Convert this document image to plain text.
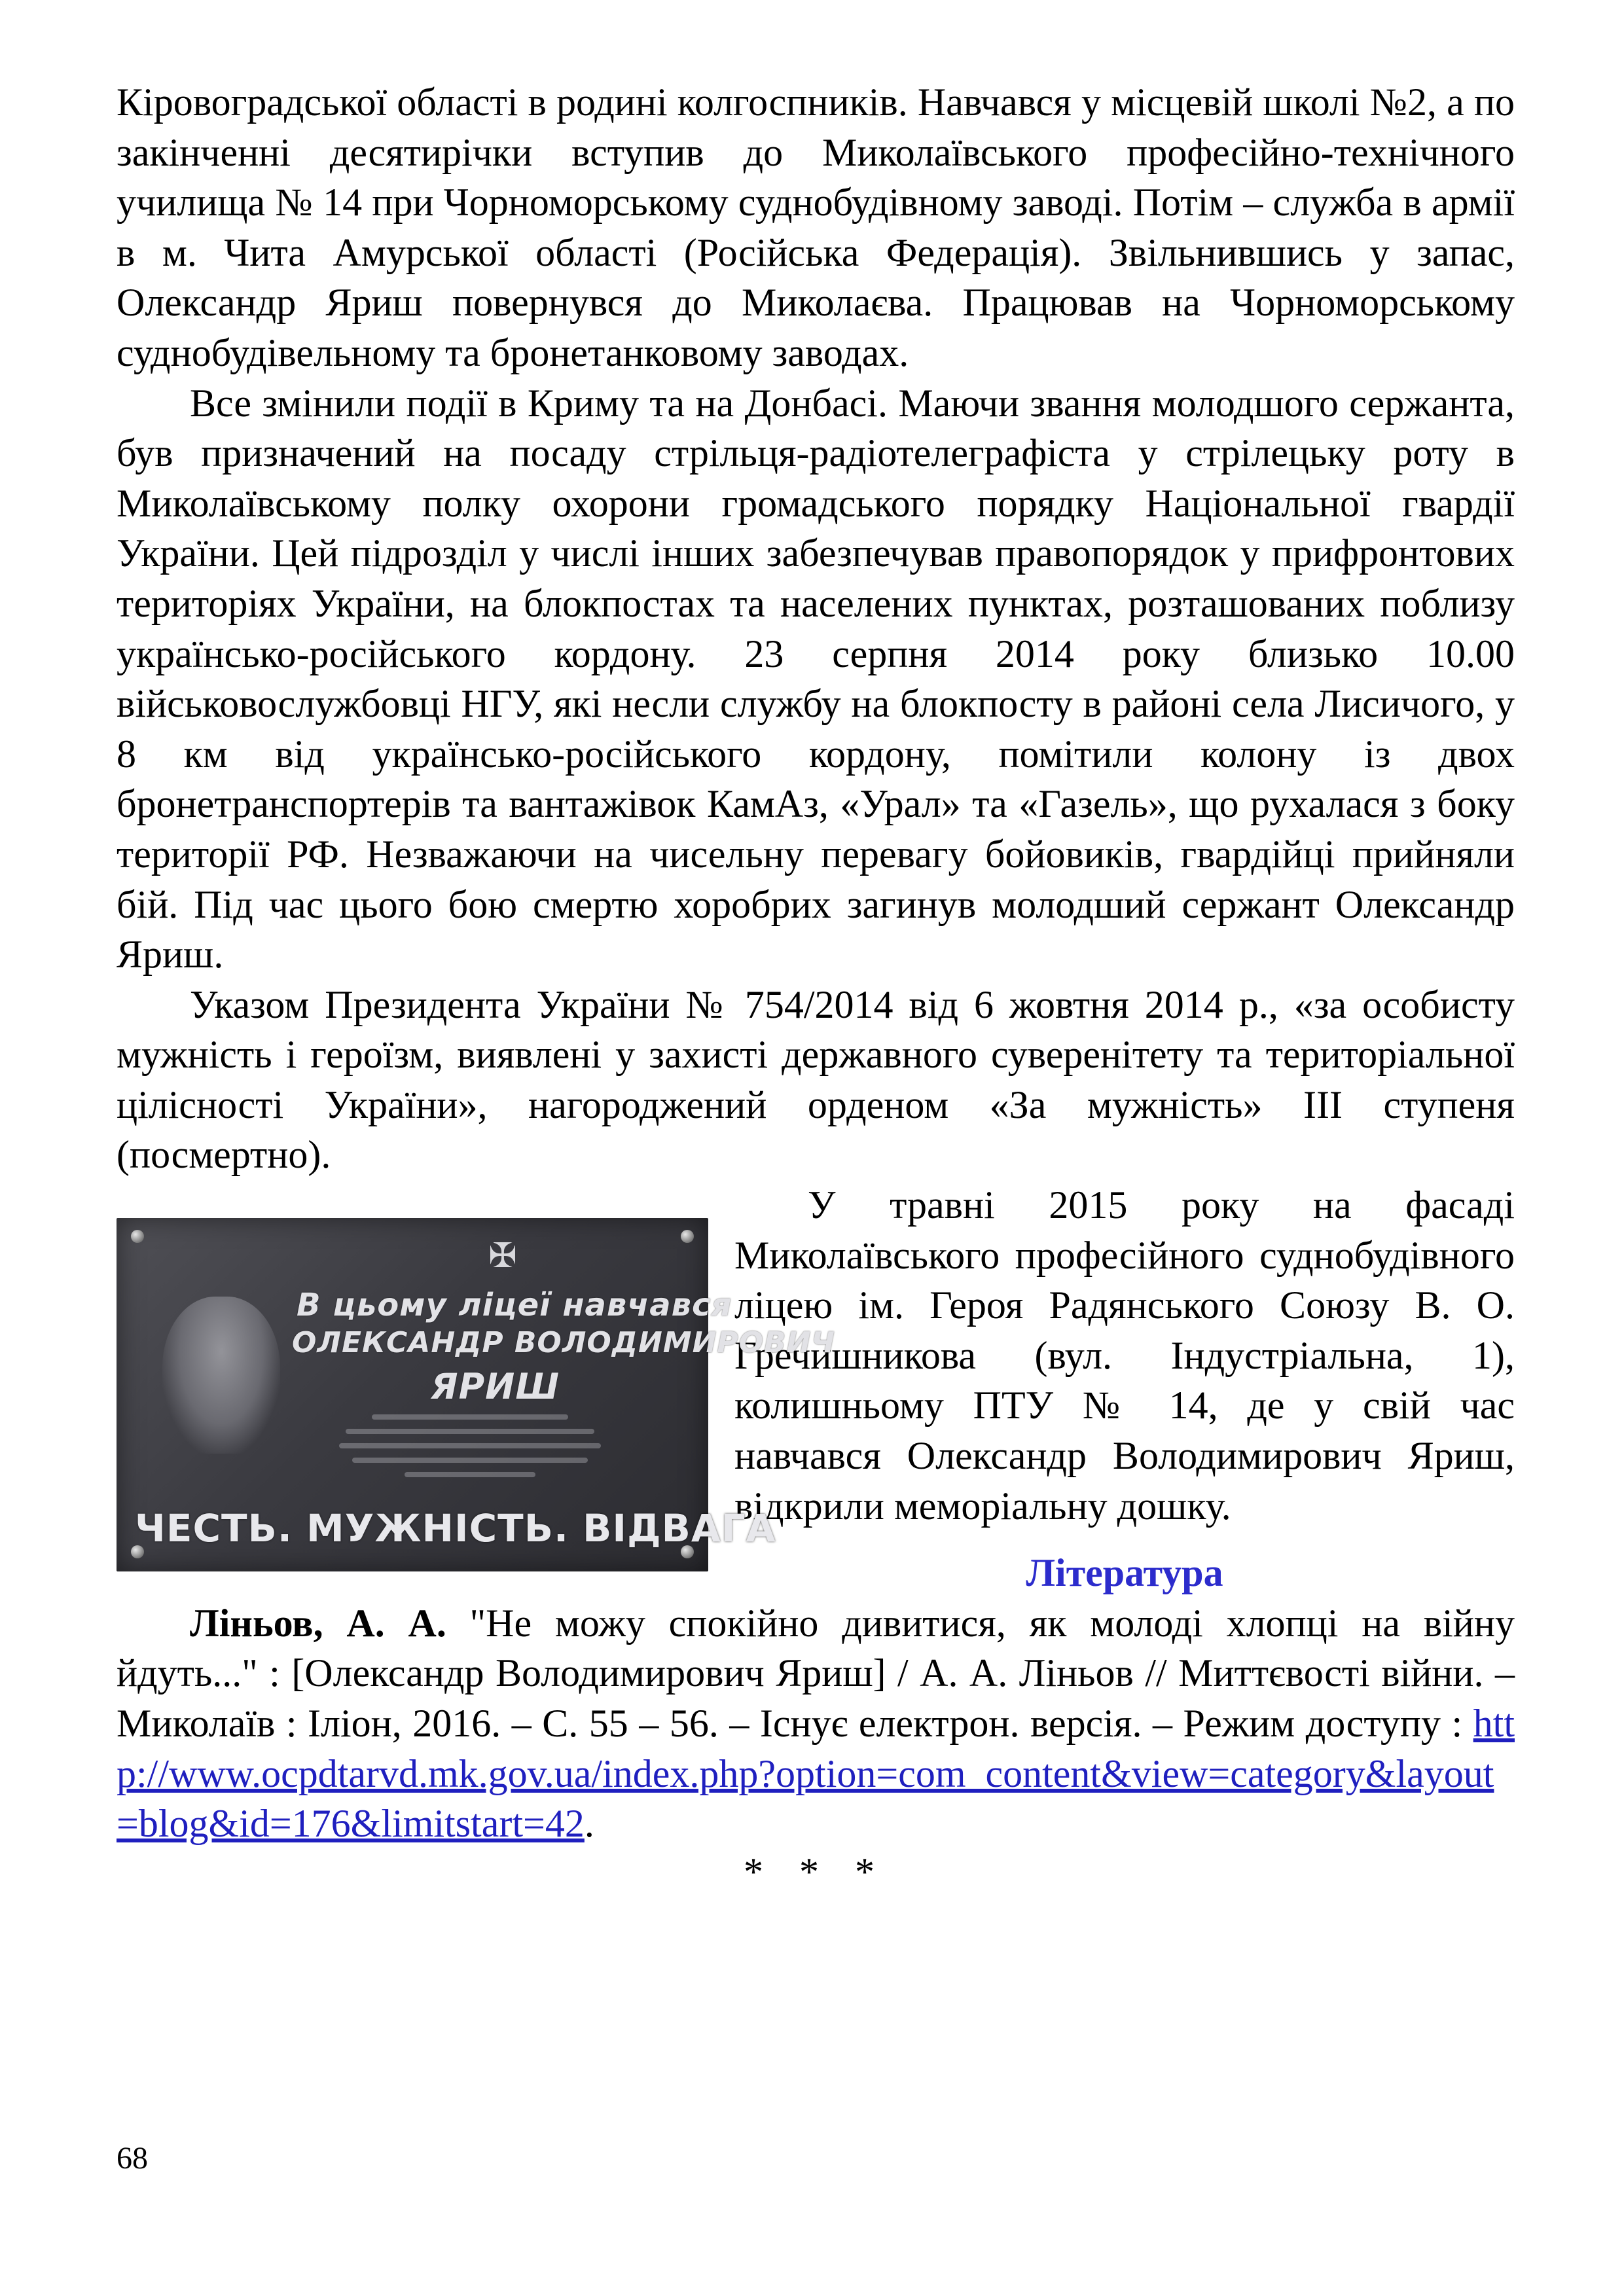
Кіровоградської області в родині колгоспників. Навчався у місцевій школі №2, а по закінченні десятирічки вступив до Миколаївського професійно-технічного училища № 14 при Чорноморському суднобудівному заводі. Потім – служба в армії в м. Чита Амурської області (Російська Федерація). Звільнившись у запас, Олександр Яриш повернувся до Миколаєва. Працював на Чорноморському суднобудівельному та бронетанковому заводах.

Все змінили події в Криму та на Донбасі. Маючи звання молодшого сержанта, був призначений на посаду стрільця-радіотелеграфіста у стрілецьку роту в Миколаївському полку охорони громадського порядку Національної гвардії України. Цей підрозділ у числі інших забезпечував правопорядок у прифронтових територіях України, на блокпостах та населених пунктах, розташованих поблизу українсько-російського кордону. 23 серпня 2014 року близько 10.00 військовослужбовці НГУ, які несли службу на блокпосту в районі села Лисичого, у 8 км від українсько-російського кордону, помітили колону із двох бронетранспортерів та вантажівок КамАз, «Урал» та «Газель», що рухалася з боку території РФ. Незважаючи на чисельну перевагу бойовиків, гвардійці прийняли бій. Під час цього бою смертю хоробрих загинув молодший сержант Олександр Яриш.

Указом Президента України № 754/2014 від 6 жовтня 2014 р., «за особисту мужність і героїзм, виявлені у захисті державного суверенітету та територіальної цілісності України», нагороджений орденом «За мужність» III ступеня (посмертно).

✠
В цьому ліцеї навчався
ОЛЕКСАНДР ВОЛОДИМИРОВИЧ
ЯРИШ
ЧЕСТЬ. МУЖНІСТЬ. ВІДВАГА

У травні 2015 року на фасаді Миколаївського професійного суднобудівного ліцею ім. Героя Радянського Союзу В. О. Гречишникова (вул. Індустріальна, 1), колишньому ПТУ № 14, де у свій час навчався Олександр Володимирович Яриш, відкрили меморіальну дошку.

Література

Ліньов, А. А. "Не можу спокійно дивитися, як молоді хлопці на війну йдуть..." : [Олександр Володимирович Яриш] / А. А. Ліньов // Миттєвості війни. – Миколаїв : Іліон, 2016. – С. 55 – 56. – Існує електрон. версія. – Режим доступу : http://www.ocpdtarvd.mk.gov.ua/index.php?option=com_content&view=category&layout=blog&id=176&limitstart=42.

* * *

68
